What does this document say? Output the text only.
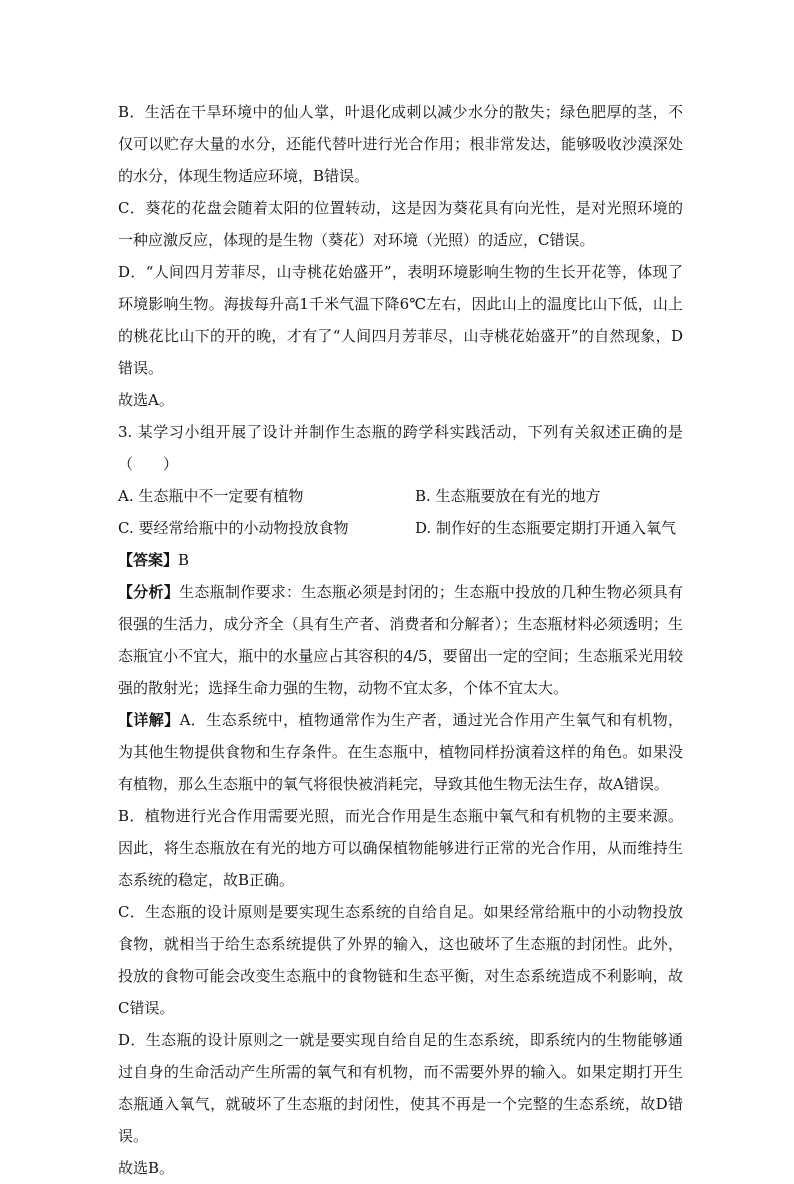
B．生活在干旱环境中的仙人掌，叶退化成刺以减少水分的散失；绿色肥厚的茎，不仅可以贮存大量的水分，还能代替叶进行光合作用；根非常发达，能够吸收沙漠深处的水分，体现生物适应环境，B错误。

C．葵花的花盘会随着太阳的位置转动，这是因为葵花具有向光性，是对光照环境的一种应激反应，体现的是生物（葵花）对环境（光照）的适应，C错误。

D．“人间四月芳菲尽，山寺桃花始盛开”，表明环境影响生物的生长开花等，体现了环境影响生物。海拔每升高1千米气温下降6℃左右，因此山上的温度比山下低，山上的桃花比山下的开的晚，才有了“人间四月芳菲尽，山寺桃花始盛开”的自然现象，D错误。

故选A。

3. 某学习小组开展了设计并制作生态瓶的跨学科实践活动，下列有关叙述正确的是（　　）

A. 生态瓶中不一定要有植物	B. 生态瓶要放在有光的地方
C. 要经常给瓶中的小动物投放食物	D. 制作好的生态瓶要定期打开通入氧气

【答案】B

【分析】生态瓶制作要求：生态瓶必须是封闭的；生态瓶中投放的几种生物必须具有很强的生活力，成分齐全（具有生产者、消费者和分解者）；生态瓶材料必须透明；生态瓶宜小不宜大，瓶中的水量应占其容积的4/5，要留出一定的空间；生态瓶采光用较强的散射光；选择生命力强的生物，动物不宜太多，个体不宜太大。

【详解】A．生态系统中，植物通常作为生产者，通过光合作用产生氧气和有机物，为其他生物提供食物和生存条件。在生态瓶中，植物同样扮演着这样的角色。如果没有植物，那么生态瓶中的氧气将很快被消耗完，导致其他生物无法生存，故A错误。

B．植物进行光合作用需要光照，而光合作用是生态瓶中氧气和有机物的主要来源。因此，将生态瓶放在有光的地方可以确保植物能够进行正常的光合作用，从而维持生态系统的稳定，故B正确。

C．生态瓶的设计原则是要实现生态系统的自给自足。如果经常给瓶中的小动物投放食物，就相当于给生态系统提供了外界的输入，这也破坏了生态瓶的封闭性。此外，投放的食物可能会改变生态瓶中的食物链和生态平衡，对生态系统造成不利影响，故C错误。

D．生态瓶的设计原则之一就是要实现自给自足的生态系统，即系统内的生物能够通过自身的生命活动产生所需的氧气和有机物，而不需要外界的输入。如果定期打开生态瓶通入氧气，就破坏了生态瓶的封闭性，使其不再是一个完整的生态系统，故D错误。

故选B。
